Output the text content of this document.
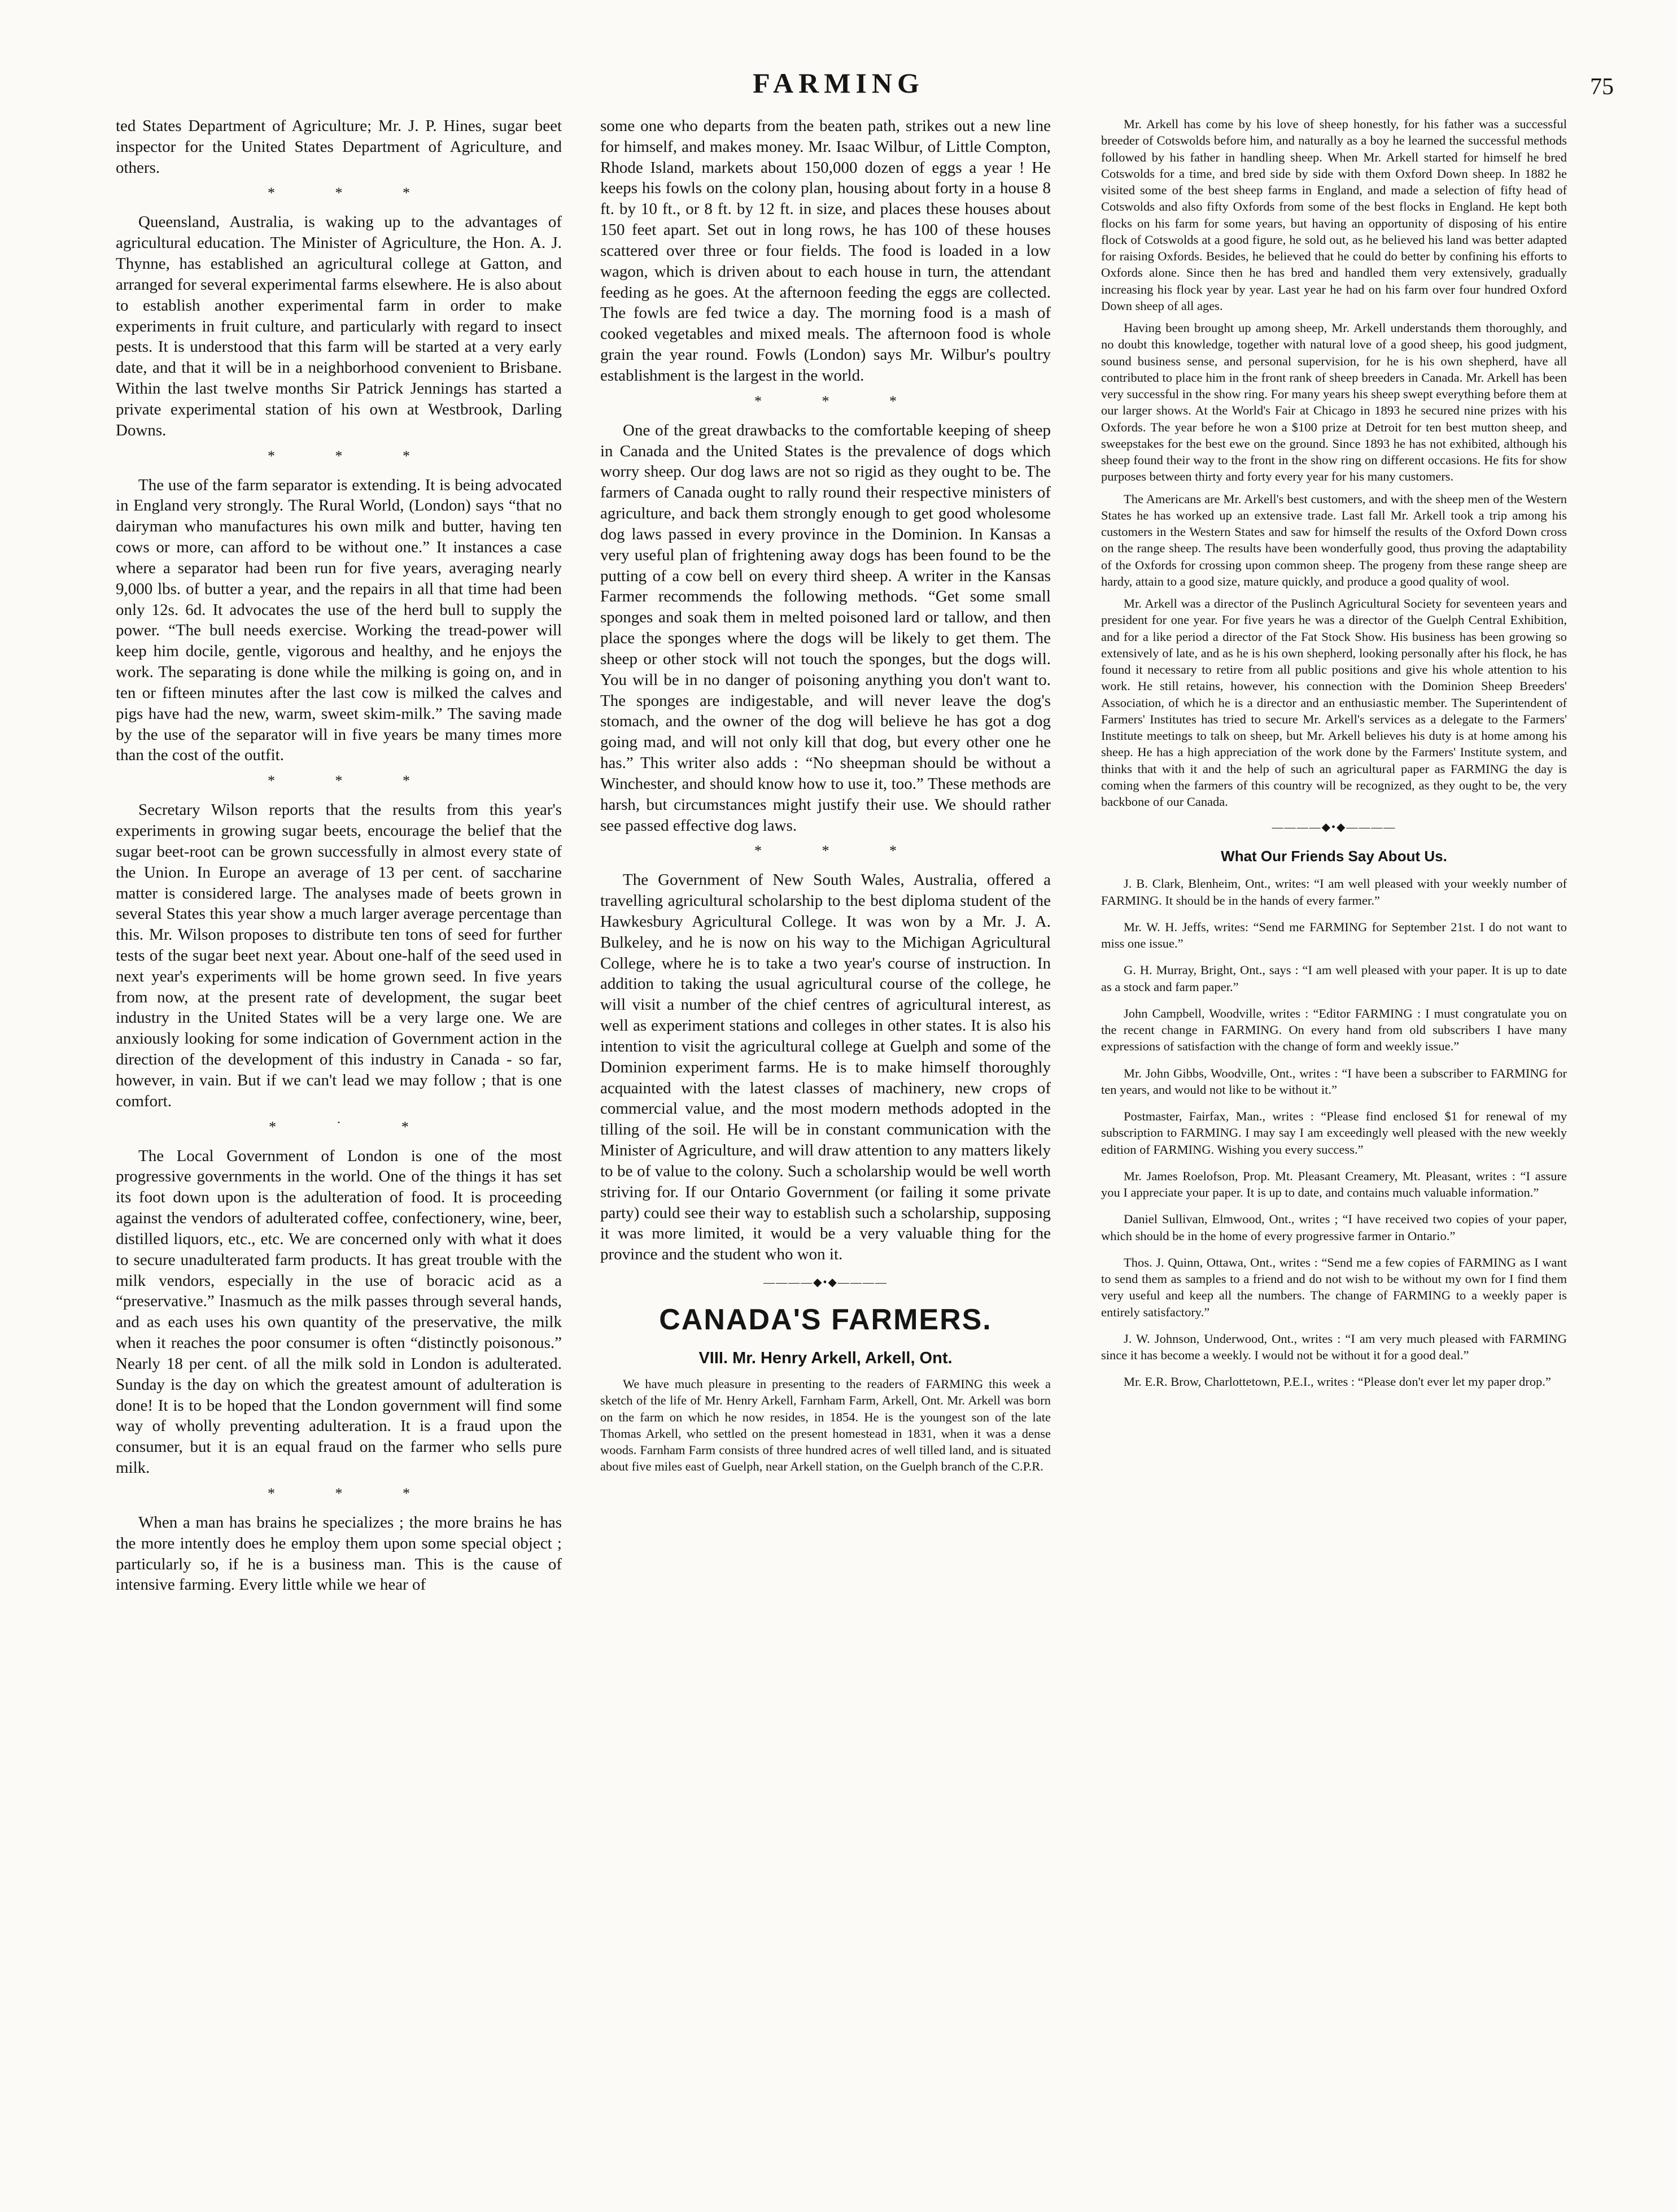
FARMING	75

ted States Department of Agriculture; Mr. J. P. Hines, sugar beet inspector for the United States Department of Agriculture, and others.

* * *

Queensland, Australia, is waking up to the advantages of agricultural education. The Minister of Agriculture, the Hon. A. J. Thynne, has established an agricultural college at Gatton, and arranged for several experimental farms elsewhere. He is also about to establish another experimental farm in order to make experiments in fruit culture, and particularly with regard to insect pests. It is understood that this farm will be started at a very early date, and that it will be in a neighborhood convenient to Brisbane. Within the last twelve months Sir Patrick Jennings has started a private experimental station of his own at Westbrook, Darling Downs.

* * *

The use of the farm separator is extending. It is being advocated in England very strongly. The Rural World, (London) says “that no dairyman who manufactures his own milk and butter, having ten cows or more, can afford to be without one.” It instances a case where a separator had been run for five years, averaging nearly 9,000 lbs. of butter a year, and the repairs in all that time had been only 12s. 6d. It advocates the use of the herd bull to supply the power. “The bull needs exercise. Working the tread-power will keep him docile, gentle, vigorous and healthy, and he enjoys the work. The separating is done while the milking is going on, and in ten or fifteen minutes after the last cow is milked the calves and pigs have had the new, warm, sweet skim-milk.” The saving made by the use of the separator will in five years be many times more than the cost of the outfit.

* * *

Secretary Wilson reports that the results from this year's experiments in growing sugar beets, encourage the belief that the sugar beet-root can be grown successfully in almost every state of the Union. In Europe an average of 13 per cent. of saccharine matter is considered large. The analyses made of beets grown in several States this year show a much larger average percentage than this. Mr. Wilson proposes to distribute ten tons of seed for further tests of the sugar beet next year. About one-half of the seed used in next year's experiments will be home grown seed. In five years from now, at the present rate of development, the sugar beet industry in the United States will be a very large one. We are anxiously looking for some indication of Government action in the direction of the development of this industry in Canada - so far, however, in vain. But if we can't lead we may follow ; that is one comfort.

* ˙ *

The Local Government of London is one of the most progressive governments in the world. One of the things it has set its foot down upon is the adulteration of food. It is proceeding against the vendors of adulterated coffee, confectionery, wine, beer, distilled liquors, etc., etc. We are concerned only with what it does to secure unadulterated farm products. It has great trouble with the milk vendors, especially in the use of boracic acid as a “preservative.” Inasmuch as the milk passes through several hands, and as each uses his own quantity of the preservative, the milk when it reaches the poor consumer is often “distinctly poisonous.” Nearly 18 per cent. of all the milk sold in London is adulterated. Sunday is the day on which the greatest amount of adulteration is done! It is to be hoped that the London government will find some way of wholly preventing adulteration. It is a fraud upon the consumer, but it is an equal fraud on the farmer who sells pure milk.

* * *

When a man has brains he specializes ; the more brains he has the more intently does he employ them upon some special object ; particularly so, if he is a business man. This is the cause of intensive farming. Every little while we hear of

some one who departs from the beaten path, strikes out a new line for himself, and makes money. Mr. Isaac Wilbur, of Little Compton, Rhode Island, markets about 150,000 dozen of eggs a year ! He keeps his fowls on the colony plan, housing about forty in a house 8 ft. by 10 ft., or 8 ft. by 12 ft. in size, and places these houses about 150 feet apart. Set out in long rows, he has 100 of these houses scattered over three or four fields. The food is loaded in a low wagon, which is driven about to each house in turn, the attendant feeding as he goes. At the afternoon feeding the eggs are collected. The fowls are fed twice a day. The morning food is a mash of cooked vegetables and mixed meals. The afternoon food is whole grain the year round. Fowls (London) says Mr. Wilbur's poultry establishment is the largest in the world.

* * *

One of the great drawbacks to the comfortable keeping of sheep in Canada and the United States is the prevalence of dogs which worry sheep. Our dog laws are not so rigid as they ought to be. The farmers of Canada ought to rally round their respective ministers of agriculture, and back them strongly enough to get good wholesome dog laws passed in every province in the Dominion. In Kansas a very useful plan of frightening away dogs has been found to be the putting of a cow bell on every third sheep. A writer in the Kansas Farmer recommends the following methods. “Get some small sponges and soak them in melted poisoned lard or tallow, and then place the sponges where the dogs will be likely to get them. The sheep or other stock will not touch the sponges, but the dogs will. You will be in no danger of poisoning anything you don't want to. The sponges are indigestable, and will never leave the dog's stomach, and the owner of the dog will believe he has got a dog going mad, and will not only kill that dog, but every other one he has.” This writer also adds : “No sheepman should be without a Winchester, and should know how to use it, too.” These methods are harsh, but circumstances might justify their use. We should rather see passed effective dog laws.

* * *

The Government of New South Wales, Australia, offered a travelling agricultural scholarship to the best diploma student of the Hawkesbury Agricultural College. It was won by a Mr. J. A. Bulkeley, and he is now on his way to the Michigan Agricultural College, where he is to take a two year's course of instruction. In addition to taking the usual agricultural course of the college, he will visit a number of the chief centres of agricultural interest, as well as experiment stations and colleges in other states. It is also his intention to visit the agricultural college at Guelph and some of the Dominion experiment farms. He is to make himself thoroughly acquainted with the latest classes of machinery, new crops of commercial value, and the most modern methods adopted in the tilling of the soil. He will be in constant communication with the Minister of Agriculture, and will draw attention to any matters likely to be of value to the colony. Such a scholarship would be well worth striving for. If our Ontario Government (or failing it some private party) could see their way to establish such a scholarship, supposing it was more limited, it would be a very valuable thing for the province and the student who won it.

————◆•◆————
CANADA'S FARMERS.
VIII. Mr. Henry Arkell, Arkell, Ont.

We have much pleasure in presenting to the readers of FARMING this week a sketch of the life of Mr. Henry Arkell, Farnham Farm, Arkell, Ont. Mr. Arkell was born on the farm on which he now resides, in 1854. He is the youngest son of the late Thomas Arkell, who settled on the present homestead in 1831, when it was a dense woods. Farnham Farm consists of three hundred acres of well tilled land, and is situated about five miles east of Guelph, near Arkell station, on the Guelph branch of the C.P.R.

Mr. Arkell has come by his love of sheep honestly, for his father was a successful breeder of Cotswolds before him, and naturally as a boy he learned the successful methods followed by his father in handling sheep. When Mr. Arkell started for himself he bred Cotswolds for a time, and bred side by side with them Oxford Down sheep. In 1882 he visited some of the best sheep farms in England, and made a selection of fifty head of Cotswolds and also fifty Oxfords from some of the best flocks in England. He kept both flocks on his farm for some years, but having an opportunity of disposing of his entire flock of Cotswolds at a good figure, he sold out, as he believed his land was better adapted for raising Oxfords. Besides, he believed that he could do better by confining his efforts to Oxfords alone. Since then he has bred and handled them very extensively, gradually increasing his flock year by year. Last year he had on his farm over four hundred Oxford Down sheep of all ages.

Having been brought up among sheep, Mr. Arkell understands them thoroughly, and no doubt this knowledge, together with natural love of a good sheep, his good judgment, sound business sense, and personal supervision, for he is his own shepherd, have all contributed to place him in the front rank of sheep breeders in Canada. Mr. Arkell has been very successful in the show ring. For many years his sheep swept everything before them at our larger shows. At the World's Fair at Chicago in 1893 he secured nine prizes with his Oxfords. The year before he won a $100 prize at Detroit for ten best mutton sheep, and sweepstakes for the best ewe on the ground. Since 1893 he has not exhibited, although his sheep found their way to the front in the show ring on different occasions. He fits for show purposes between thirty and forty every year for his many customers.

The Americans are Mr. Arkell's best customers, and with the sheep men of the Western States he has worked up an extensive trade. Last fall Mr. Arkell took a trip among his customers in the Western States and saw for himself the results of the Oxford Down cross on the range sheep. The results have been wonderfully good, thus proving the adaptability of the Oxfords for crossing upon common sheep. The progeny from these range sheep are hardy, attain to a good size, mature quickly, and produce a good quality of wool.

Mr. Arkell was a director of the Puslinch Agricultural Society for seventeen years and president for one year. For five years he was a director of the Guelph Central Exhibition, and for a like period a director of the Fat Stock Show. His business has been growing so extensively of late, and as he is his own shepherd, looking personally after his flock, he has found it necessary to retire from all public positions and give his whole attention to his work. He still retains, however, his connection with the Dominion Sheep Breeders' Association, of which he is a director and an enthusiastic member. The Superintendent of Farmers' Institutes has tried to secure Mr. Arkell's services as a delegate to the Farmers' Institute meetings to talk on sheep, but Mr. Arkell believes his duty is at home among his sheep. He has a high appreciation of the work done by the Farmers' Institute system, and thinks that with it and the help of such an agricultural paper as FARMING the day is coming when the farmers of this country will be recognized, as they ought to be, the very backbone of our Canada.

————◆•◆————
What Our Friends Say About Us.

J. B. Clark, Blenheim, Ont., writes: “I am well pleased with your weekly number of FARMING. It should be in the hands of every farmer.”

Mr. W. H. Jeffs, writes: “Send me FARMING for September 21st. I do not want to miss one issue.”

G. H. Murray, Bright, Ont., says : “I am well pleased with your paper. It is up to date as a stock and farm paper.”

John Campbell, Woodville, writes : “Editor FARMING : I must congratulate you on the recent change in FARMING. On every hand from old subscribers I have many expressions of satisfaction with the change of form and weekly issue.”

Mr. John Gibbs, Woodville, Ont., writes : “I have been a subscriber to FARMING for ten years, and would not like to be without it.”

Postmaster, Fairfax, Man., writes : “Please find enclosed $1 for renewal of my subscription to FARMING. I may say I am exceedingly well pleased with the new weekly edition of FARMING. Wishing you every success.”

Mr. James Roelofson, Prop. Mt. Pleasant Creamery, Mt. Pleasant, writes : “I assure you I appreciate your paper. It is up to date, and contains much valuable information.”

Daniel Sullivan, Elmwood, Ont., writes ; “I have received two copies of your paper, which should be in the home of every progressive farmer in Ontario.”

Thos. J. Quinn, Ottawa, Ont., writes : “Send me a few copies of FARMING as I want to send them as samples to a friend and do not wish to be without my own for I find them very useful and keep all the numbers. The change of FARMING to a weekly paper is entirely satisfactory.”

J. W. Johnson, Underwood, Ont., writes : “I am very much pleased with FARMING since it has become a weekly. I would not be without it for a good deal.”

Mr. E.R. Brow, Charlottetown, P.E.I., writes : “Please don't ever let my paper drop.”
